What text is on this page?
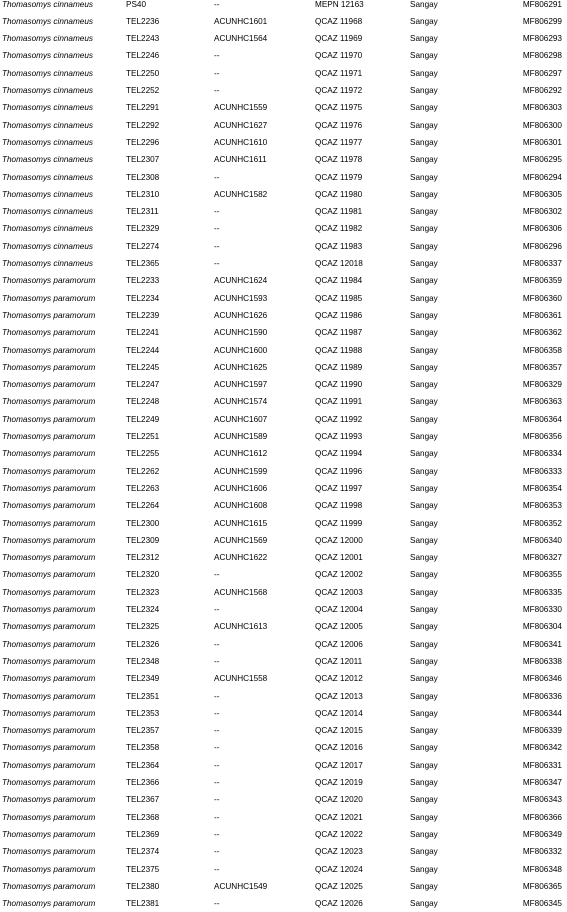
Thomasomys cinnameus	PS40	--	MEPN 12163	Sangay	MF806291
Thomasomys cinnameus	TEL2236	ACUNHC1601	QCAZ 11968	Sangay	MF806299
Thomasomys cinnameus	TEL2243	ACUNHC1564	QCAZ 11969	Sangay	MF806293
Thomasomys cinnameus	TEL2246	--	QCAZ 11970	Sangay	MF806298
Thomasomys cinnameus	TEL2250	--	QCAZ 11971	Sangay	MF806297
Thomasomys cinnameus	TEL2252	--	QCAZ 11972	Sangay	MF806292
Thomasomys cinnameus	TEL2291	ACUNHC1559	QCAZ 11975	Sangay	MF806303
Thomasomys cinnameus	TEL2292	ACUNHC1627	QCAZ 11976	Sangay	MF806300
Thomasomys cinnameus	TEL2296	ACUNHC1610	QCAZ 11977	Sangay	MF806301
Thomasomys cinnameus	TEL2307	ACUNHC1611	QCAZ 11978	Sangay	MF806295
Thomasomys cinnameus	TEL2308	--	QCAZ 11979	Sangay	MF806294
Thomasomys cinnameus	TEL2310	ACUNHC1582	QCAZ 11980	Sangay	MF806305
Thomasomys cinnameus	TEL2311	--	QCAZ 11981	Sangay	MF806302
Thomasomys cinnameus	TEL2329	--	QCAZ 11982	Sangay	MF806306
Thomasomys cinnameus	TEL2274	--	QCAZ 11983	Sangay	MF806296
Thomasomys cinnameus	TEL2365	--	QCAZ 12018	Sangay	MF806337
Thomasomys paramorum	TEL2233	ACUNHC1624	QCAZ 11984	Sangay	MF806359
Thomasomys paramorum	TEL2234	ACUNHC1593	QCAZ 11985	Sangay	MF806360
Thomasomys paramorum	TEL2239	ACUNHC1626	QCAZ 11986	Sangay	MF806361
Thomasomys paramorum	TEL2241	ACUNHC1590	QCAZ 11987	Sangay	MF806362
Thomasomys paramorum	TEL2244	ACUNHC1600	QCAZ 11988	Sangay	MF806358
Thomasomys paramorum	TEL2245	ACUNHC1625	QCAZ 11989	Sangay	MF806357
Thomasomys paramorum	TEL2247	ACUNHC1597	QCAZ 11990	Sangay	MF806329
Thomasomys paramorum	TEL2248	ACUNHC1574	QCAZ 11991	Sangay	MF806363
Thomasomys paramorum	TEL2249	ACUNHC1607	QCAZ 11992	Sangay	MF806364
Thomasomys paramorum	TEL2251	ACUNHC1589	QCAZ 11993	Sangay	MF806356
Thomasomys paramorum	TEL2255	ACUNHC1612	QCAZ 11994	Sangay	MF806334
Thomasomys paramorum	TEL2262	ACUNHC1599	QCAZ 11996	Sangay	MF806333
Thomasomys paramorum	TEL2263	ACUNHC1606	QCAZ 11997	Sangay	MF806354
Thomasomys paramorum	TEL2264	ACUNHC1608	QCAZ 11998	Sangay	MF806353
Thomasomys paramorum	TEL2300	ACUNHC1615	QCAZ 11999	Sangay	MF806352
Thomasomys paramorum	TEL2309	ACUNHC1569	QCAZ 12000	Sangay	MF806340
Thomasomys paramorum	TEL2312	ACUNHC1622	QCAZ 12001	Sangay	MF806327
Thomasomys paramorum	TEL2320	--	QCAZ 12002	Sangay	MF806355
Thomasomys paramorum	TEL2323	ACUNHC1568	QCAZ 12003	Sangay	MF806335
Thomasomys paramorum	TEL2324	--	QCAZ 12004	Sangay	MF806330
Thomasomys paramorum	TEL2325	ACUNHC1613	QCAZ 12005	Sangay	MF806304
Thomasomys paramorum	TEL2326	--	QCAZ 12006	Sangay	MF806341
Thomasomys paramorum	TEL2348	--	QCAZ 12011	Sangay	MF806338
Thomasomys paramorum	TEL2349	ACUNHC1558	QCAZ 12012	Sangay	MF806346
Thomasomys paramorum	TEL2351	--	QCAZ 12013	Sangay	MF806336
Thomasomys paramorum	TEL2353	--	QCAZ 12014	Sangay	MF806344
Thomasomys paramorum	TEL2357	--	QCAZ 12015	Sangay	MF806339
Thomasomys paramorum	TEL2358	--	QCAZ 12016	Sangay	MF806342
Thomasomys paramorum	TEL2364	--	QCAZ 12017	Sangay	MF806331
Thomasomys paramorum	TEL2366	--	QCAZ 12019	Sangay	MF806347
Thomasomys paramorum	TEL2367	--	QCAZ 12020	Sangay	MF806343
Thomasomys paramorum	TEL2368	--	QCAZ 12021	Sangay	MF806366
Thomasomys paramorum	TEL2369	--	QCAZ 12022	Sangay	MF806349
Thomasomys paramorum	TEL2374	--	QCAZ 12023	Sangay	MF806332
Thomasomys paramorum	TEL2375	--	QCAZ 12024	Sangay	MF806348
Thomasomys paramorum	TEL2380	ACUNHC1549	QCAZ 12025	Sangay	MF806365
Thomasomys paramorum	TEL2381	--	QCAZ 12026	Sangay	MF806345
